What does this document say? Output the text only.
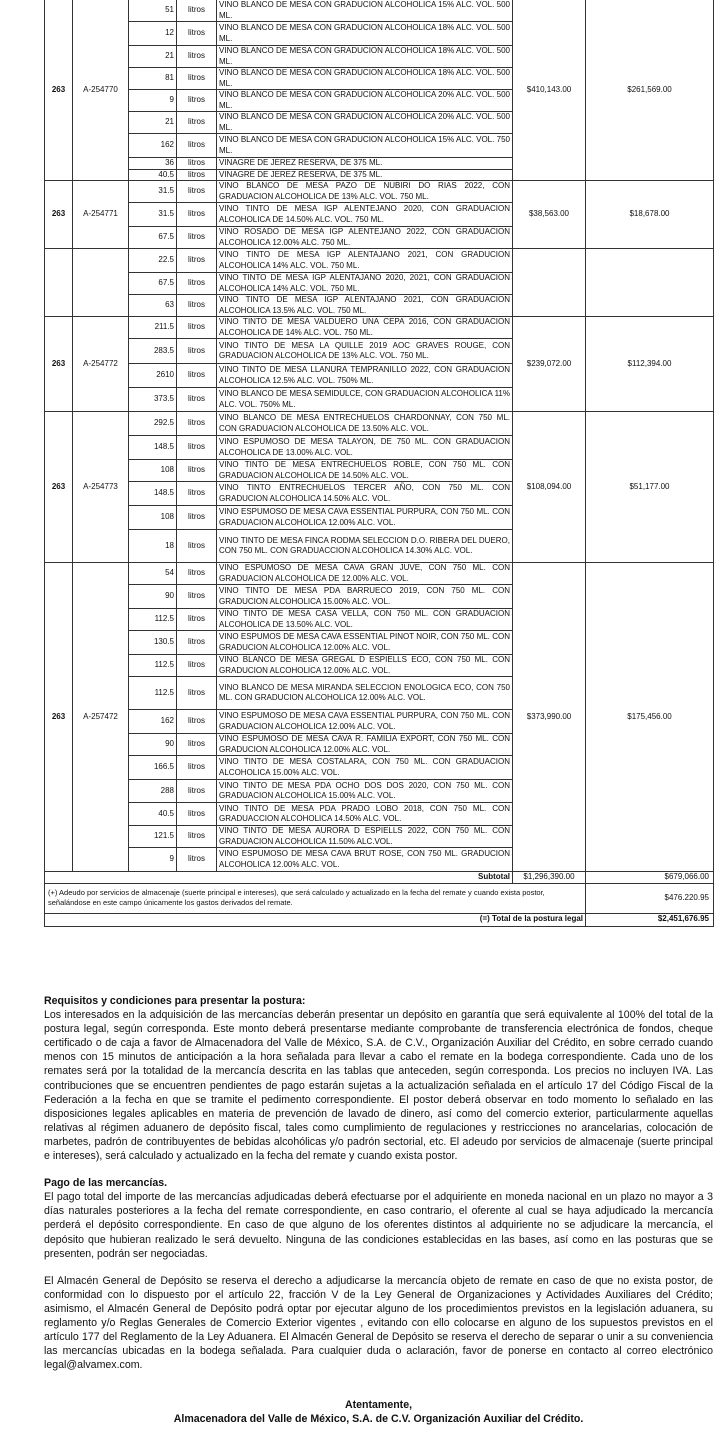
263	A-254770	51	litros	VINO BLANCO DE MESA CON GRADUCION ALCOHOLICA 15% ALC. VOL. 500 ML.	$410,143.00	$261,569.00
		12	litros	VINO BLANCO DE MESA CON GRADUCION ALCOHOLICA 18% ALC. VOL. 500 ML.		
		21	litros	VINO BLANCO DE MESA CON GRADUCION ALCOHOLICA 18% ALC. VOL. 500 ML.		
		81	litros	VINO BLANCO DE MESA CON GRADUCION ALCOHOLICA 18% ALC. VOL. 500 ML.		
		9	litros	VINO BLANCO DE MESA CON GRADUCION ALCOHOLICA 20% ALC. VOL. 500 ML.		
		21	litros	VINO BLANCO DE MESA CON GRADUCION ALCOHOLICA 20% ALC. VOL. 500 ML.		
		162	litros	VINO BLANCO DE MESA CON GRADUCION ALCOHOLICA 15% ALC. VOL. 750 ML.		
		36	litros	VINAGRE DE JEREZ RESERVA, DE 375 ML.		
		40.5	litros	VINAGRE DE JEREZ RESERVA, DE 375 ML.		
263	A-254771	31.5	litros	VINO BLANCO DE MESA PAZO DE NUBIRI DO RIAS 2022, CON GRADUACION ALCOHOLICA DE 13% ALC. VOL. 750 ML.	$38,563.00	$18,678.00
		31.5	litros	VINO TINTO DE MESA IGP ALENTEJANO 2020, CON GRADUACION ALCOHOLICA DE 14.50% ALC. VOL. 750 ML.		
		67.5	litros	VINO ROSADO DE MESA IGP ALENTEJANO 2022, CON GRADUACION ALCOHOLICA 12.00% ALC. 750 ML.		
		22.5	litros	VINO TINTO DE MESA IGP ALENTAJANO 2021, CON GRADUCION ALCOHOLICA 14% ALC. VOL. 750 ML.		
		67.5	litros	VINO TINTO DE MESA IGP ALENTAJANO 2020, 2021, CON GRADUACION ALCOHOLICA 14% ALC. VOL. 750 ML.		
		63	litros	VINO TINTO DE MESA IGP ALENTAJANO 2021, CON GRADUACION ALCOHOLICA 13.5% ALC. VOL. 750 ML.		
263	A-254772	211.5	litros	VINO TINTO DE MESA VALDUERO UNA CEPA 2016, CON GRADUACION ALCOHOLICA DE 14% ALC. VOL. 750 ML.	$239,072.00	$112,394.00
		283.5	litros	VINO TINTO DE MESA LA QUILLE 2019 AOC GRAVES ROUGE, CON GRADUACION ALCOHOLICA DE 13% ALC. VOL. 750 ML.		
		2610	litros	VINO TINTO DE MESA LLANURA TEMPRANILLO 2022, CON GRADUACION ALCOHOLICA 12.5% ALC. VOL. 750% ML.		
		373.5	litros	VINO BLANCO DE MESA SEMIDULCE, CON GRADUACION ALCOHOLICA 11% ALC. VOL. 750% ML.		
263	A-254773	292.5	litros	VINO BLANCO DE MESA ENTRECHUELOS CHARDONNAY, CON 750 ML. CON GRADUACION ALCOHOLICA DE 13.50% ALC. VOL.	$108,094.00	$51,177.00
		148.5	litros	VINO ESPUMOSO DE MESA TALAYON, DE 750 ML. CON GRADUACION ALCOHOLICA DE 13.00% ALC. VOL.		
		108	litros	VINO TINTO DE MESA ENTRECHUELOS ROBLE, CON 750 ML. CON GRADUACION ALCOHOLICA DE 14.50% ALC. VOL.		
		148.5	litros	VINO TINTO ENTRECHUELOS TERCER AÑO, CON 750 ML. CON GRADUCION ALCOHOLICA 14.50% ALC. VOL.		
		108	litros	VINO ESPUMOSO DE MESA CAVA ESSENTIAL PURPURA, CON 750 ML. CON GRADUACION ALCOHOLICA 12.00% ALC. VOL.		
		18	litros	VINO TINTO DE MESA FINCA RODMA SELECCION D.O. RIBERA DEL DUERO, CON 750 ML. CON GRADUACCION ALCOHOLICA 14.30% ALC. VOL.		
263	A-257472	54	litros	VINO ESPUMOSO DE MESA CAVA GRAN JUVE, CON 750 ML. CON GRADUACION ALCOHOLICA DE 12.00% ALC. VOL.	$373,990.00	$175,456.00
		90	litros	VINO TINTO DE MESA PDA BARRUECO 2019, CON 750 ML. CON GRADUCION ALCOHOLICA 15.00% ALC. VOL.		
		112.5	litros	VINO TINTO DE MESA CASA VELLA, CON 750 ML. CON GRADUACION ALCOHOLICA DE 13.50% ALC. VOL.		
		130.5	litros	VINO ESPUMOS DE MESA CAVA ESSENTIAL PINOT NOIR, CON 750 ML. CON GRADUCION ALCOHOLICA 12.00% ALC. VOL.		
		112.5	litros	VINO BLANCO DE MESA GREGAL D ESPIELLS ECO, CON 750 ML. CON GRADUCION ALCOHOLICA 12.00% ALC. VOL.		
		112.5	litros	VINO BLANCO DE MESA MIRANDA SELECCION ENOLOGICA ECO, CON 750 ML. CON GRADUCION ALCOHOLICA 12.00% ALC. VOL.		
		162	litros	VINO ESPUMOSO DE MESA CAVA ESSENTIAL PURPURA, CON 750 ML. CON GRADUACION ALCOHOLICA 12.00% ALC. VOL.		
		90	litros	VINO ESPUMOSO DE MESA CAVA R. FAMILIA EXPORT, CON 750 ML. CON GRADUCION ALCOHOLICA 12.00% ALC. VOL.		
		166.5	litros	VINO TINTO DE MESA COSTALARA, CON 750 ML. CON GRADUACION ALCOHOLICA 15.00% ALC. VOL.		
		288	litros	VINO TINTO DE MESA PDA OCHO DOS DOS 2020, CON 750 ML. CON GRADUACION ALCOHOLICA 15.00% ALC. VOL.		
		40.5	litros	VINO TINTO DE MESA PDA PRADO LOBO 2018, CON 750 ML. CON GRADUACCION ALCOHOLICA 14.50% ALC. VOL.		
		121.5	litros	VINO TINTO DE MESA AURORA D ESPIELLS 2022, CON 750 ML. CON GRADUACION ALCOHOLICA 11.50% ALC.VOL.		
		9	litros	VINO ESPUMOSO DE MESA CAVA BRUT ROSE, CON 750 ML. GRADUCION ALCOHOLICA 12.00% ALC. VOL.		
Subtotal					$1,296,390.00	$679,066.00
(+) Adeudo por servicios de almacenaje (suerte principal e intereses), que será calculado y actualizado en la fecha del remate y cuando exista postor, señalándose en este campo únicamente los gastos derivados del remate.						$476.220.95
(=) Total de la postura legal						$2,451,676.95
Requisitos y condiciones para presentar la postura:

Los interesados en la adquisición de las mercancías deberán presentar un depósito en garantía que será equivalente al 100% del total de la postura legal, según corresponda. Este monto deberá presentarse mediante comprobante de transferencia electrónica de fondos, cheque certificado o de caja a favor de Almacenadora del Valle de México, S.A. de C.V., Organización Auxiliar del Crédito, en sobre cerrado cuando menos con 15 minutos de anticipación a la hora señalada para llevar a cabo el remate en la bodega correspondiente. Cada uno de los remates será por la totalidad de la mercancía descrita en las tablas que anteceden, según corresponda. Los precios no incluyen IVA. Las contribuciones que se encuentren pendientes de pago estarán sujetas a la actualización señalada en el artículo 17 del Código Fiscal de la Federación a la fecha en que se tramite el pedimento correspondiente. El postor deberá observar en todo momento lo señalado en las disposiciones legales aplicables en materia de prevención de lavado de dinero, así como del comercio exterior, particularmente aquellas relativas al régimen aduanero de depósito fiscal, tales como cumplimiento de regulaciones y restricciones no arancelarias, colocación de marbetes, padrón de contribuyentes de bebidas alcohólicas y/o padrón sectorial, etc. El adeudo por servicios de almacenaje (suerte principal e intereses), será calculado y actualizado en la fecha del remate y cuando exista postor.

Pago de las mercancías.

El pago total del importe de las mercancías adjudicadas deberá efectuarse por el adquiriente en moneda nacional en un plazo no mayor a 3 días naturales posteriores a la fecha del remate correspondiente, en caso contrario, el oferente al cual se haya adjudicado la mercancía perderá el depósito correspondiente. En caso de que alguno de los oferentes distintos al adquiriente no se adjudicare la mercancía, el depósito que hubieran realizado le será devuelto. Ninguna de las condiciones establecidas en las bases, así como en las posturas que se presenten, podrán ser negociadas.

El Almacén General de Depósito se reserva el derecho a adjudicarse la mercancía objeto de remate en caso de que no exista postor, de conformidad con lo dispuesto por el artículo 22, fracción V de la Ley General de Organizaciones y Actividades Auxiliares del Crédito; asimismo, el Almacén General de Depósito podrá optar por ejecutar alguno de los procedimientos previstos en la legislación aduanera, su reglamento y/o Reglas Generales de Comercio Exterior vigentes , evitando con ello colocarse en alguno de los supuestos previstos en el artículo 177 del Reglamento de la Ley Aduanera. El Almacén General de Depósito se reserva el derecho de separar o unir a su conveniencia las mercancías ubicadas en la bodega señalada. Para cualquier duda o aclaración, favor de ponerse en contacto al correo electrónico legal@alvamex.com.

Atentamente,
Almacenadora del Valle de México, S.A. de C.V. Organización Auxiliar del Crédito.
